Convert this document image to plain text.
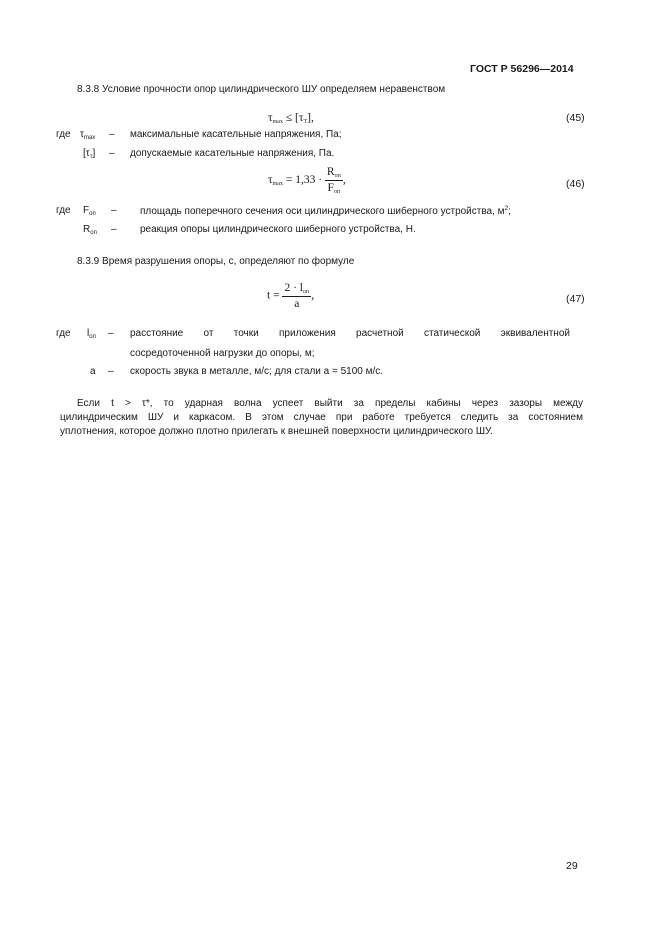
ГОСТ Р 56296—2014
8.3.8 Условие прочности опор цилиндрического ШУ определяем неравенством
$\tau_{max} \le [\tau_T]$,	(45)
где $\tau_{max}$ – максимальные касательные напряжения, Па;
$[\tau_т]$ – допускаемые касательные напряжения, Па.
$\tau_{max} = 1,33 \cdot \frac{R_{оп}}{F_{оп}}$ ,	(46)
где $F_{оп}$ – площадь поперечного сечения оси цилиндрического шиберного устройства, $м^2$;
$R_{оп}$ – реакция опоры цилиндрического шиберного устройства, Н.
8.3.9 Время разрушения опоры, с, определяют по формуле
$t = \frac{2 \cdot l_{оп}}{a}$ ,	(47)
где $l_{оп}$ – расстояние от точки приложения расчетной статической эквивалентной
сосредоточенной нагрузки до опоры, м;
a – скорость звука в металле, м/с; для стали a = 5100 м/с.
Если t > τ*, то ударная волна успеет выйти за пределы кабины через зазоры между
цилиндрическим ШУ и каркасом. В этом случае при работе требуется следить за состоянием
уплотнения, которое должно плотно прилегать к внешней поверхности цилиндрического ШУ.
29
